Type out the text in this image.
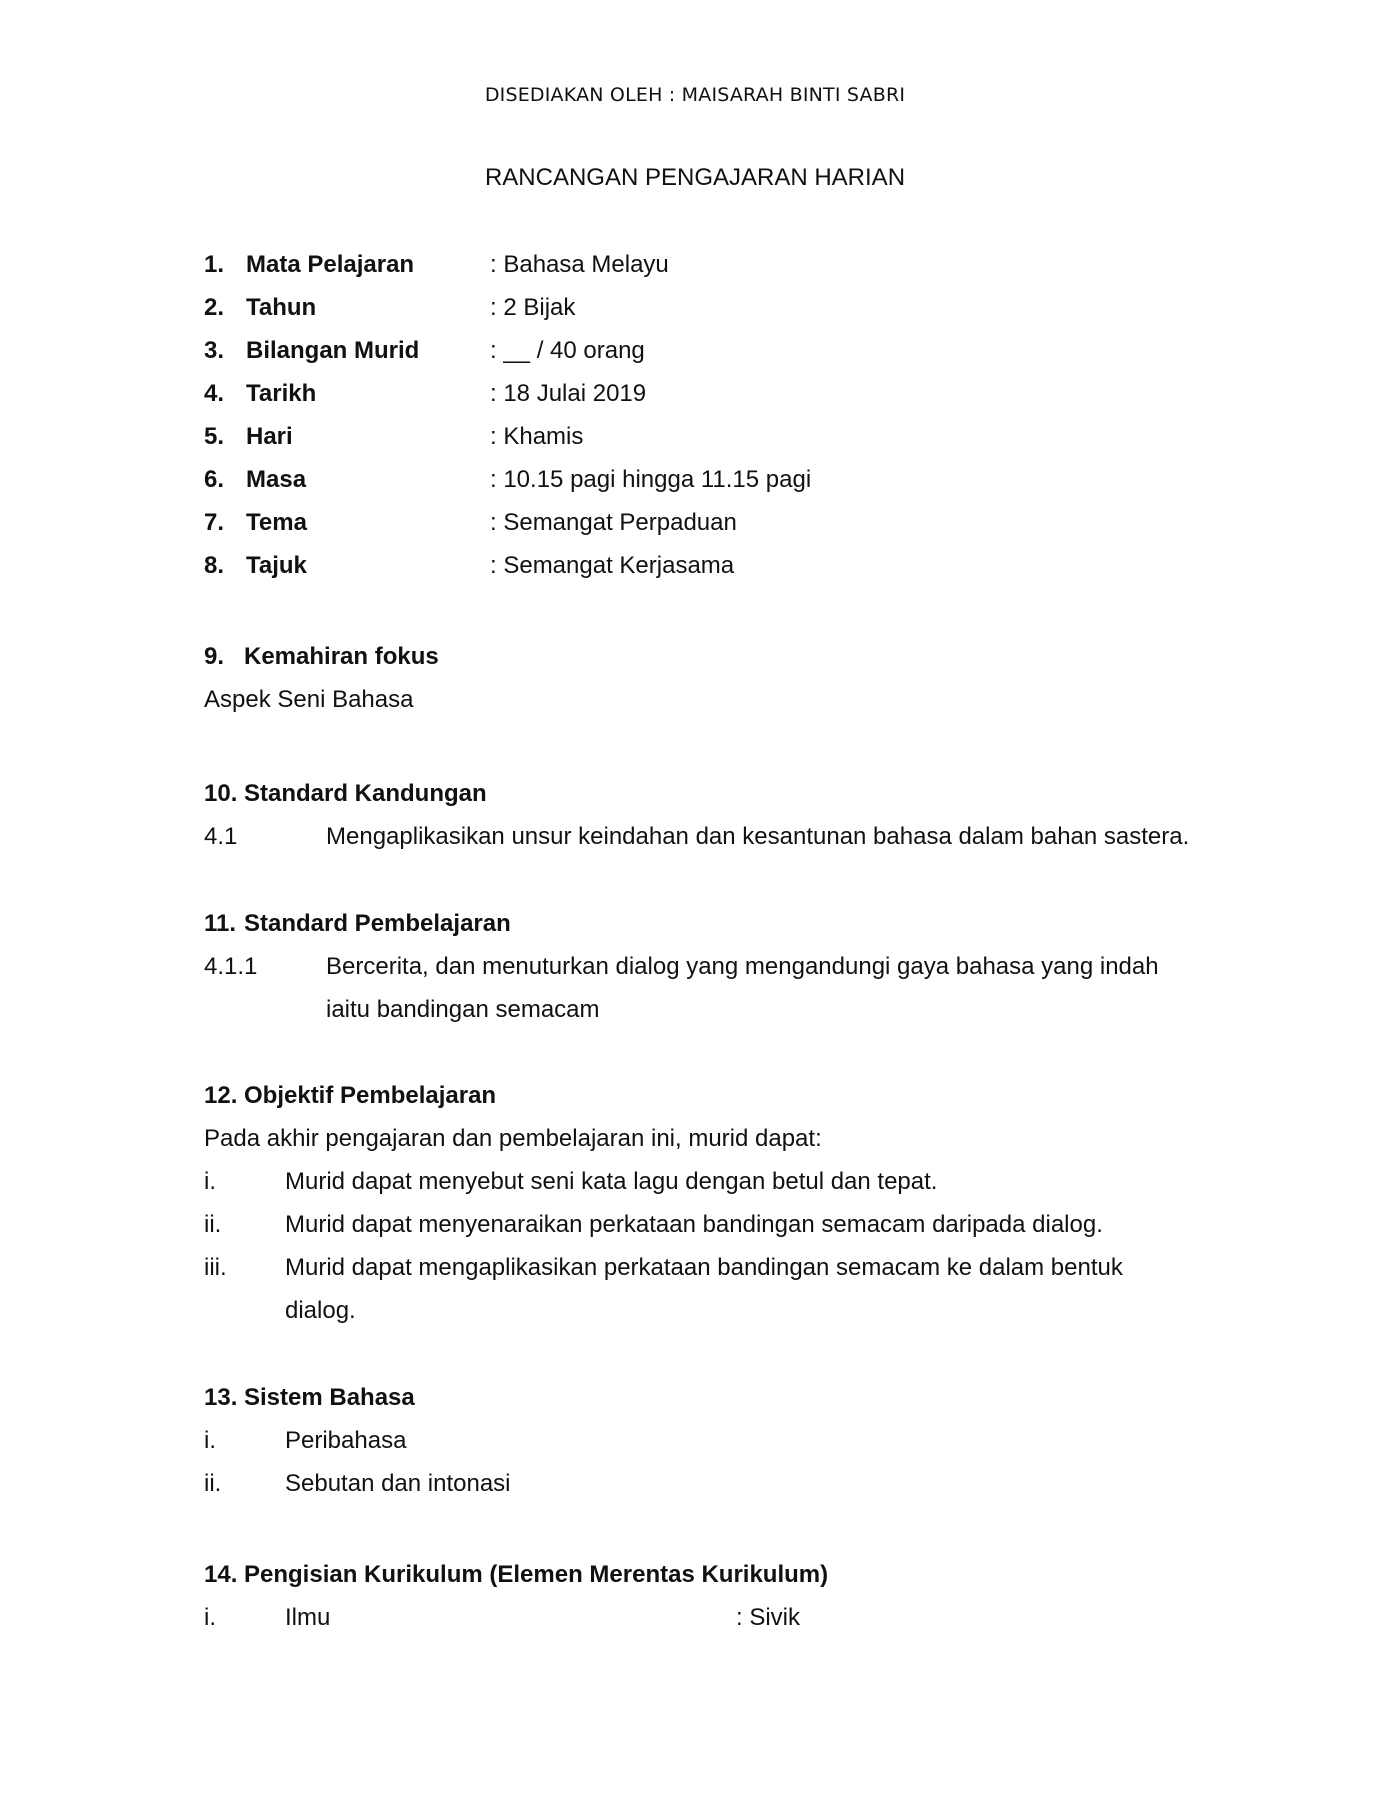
DISEDIAKAN OLEH : MAISARAH BINTI SABRI
RANCANGAN PENGAJARAN HARIAN
1. Mata Pelajaran	: Bahasa Melayu
2. Tahun	: 2 Bijak
3. Bilangan Murid	: __ / 40 orang
4. Tarikh	: 18 Julai 2019
5. Hari	: Khamis
6. Masa	: 10.15 pagi hingga 11.15 pagi
7. Tema	: Semangat Perpaduan
8. Tajuk	: Semangat Kerjasama
9. Kemahiran fokus
Aspek Seni Bahasa
10. Standard Kandungan
4.1	Mengaplikasikan unsur keindahan dan kesantunan bahasa dalam bahan sastera.
11. Standard Pembelajaran
4.1.1	Bercerita, dan menuturkan dialog yang mengandungi gaya bahasa yang indah
iaitu bandingan semacam
12. Objektif Pembelajaran
Pada akhir pengajaran dan pembelajaran ini, murid dapat:
i.	Murid dapat menyebut seni kata lagu dengan betul dan tepat.
ii.	Murid dapat menyenaraikan perkataan bandingan semacam daripada dialog.
iii.	Murid dapat mengaplikasikan perkataan bandingan semacam ke dalam bentuk
dialog.
13. Sistem Bahasa
i.	Peribahasa
ii.	Sebutan dan intonasi
14. Pengisian Kurikulum (Elemen Merentas Kurikulum)
i.	Ilmu	: Sivik
